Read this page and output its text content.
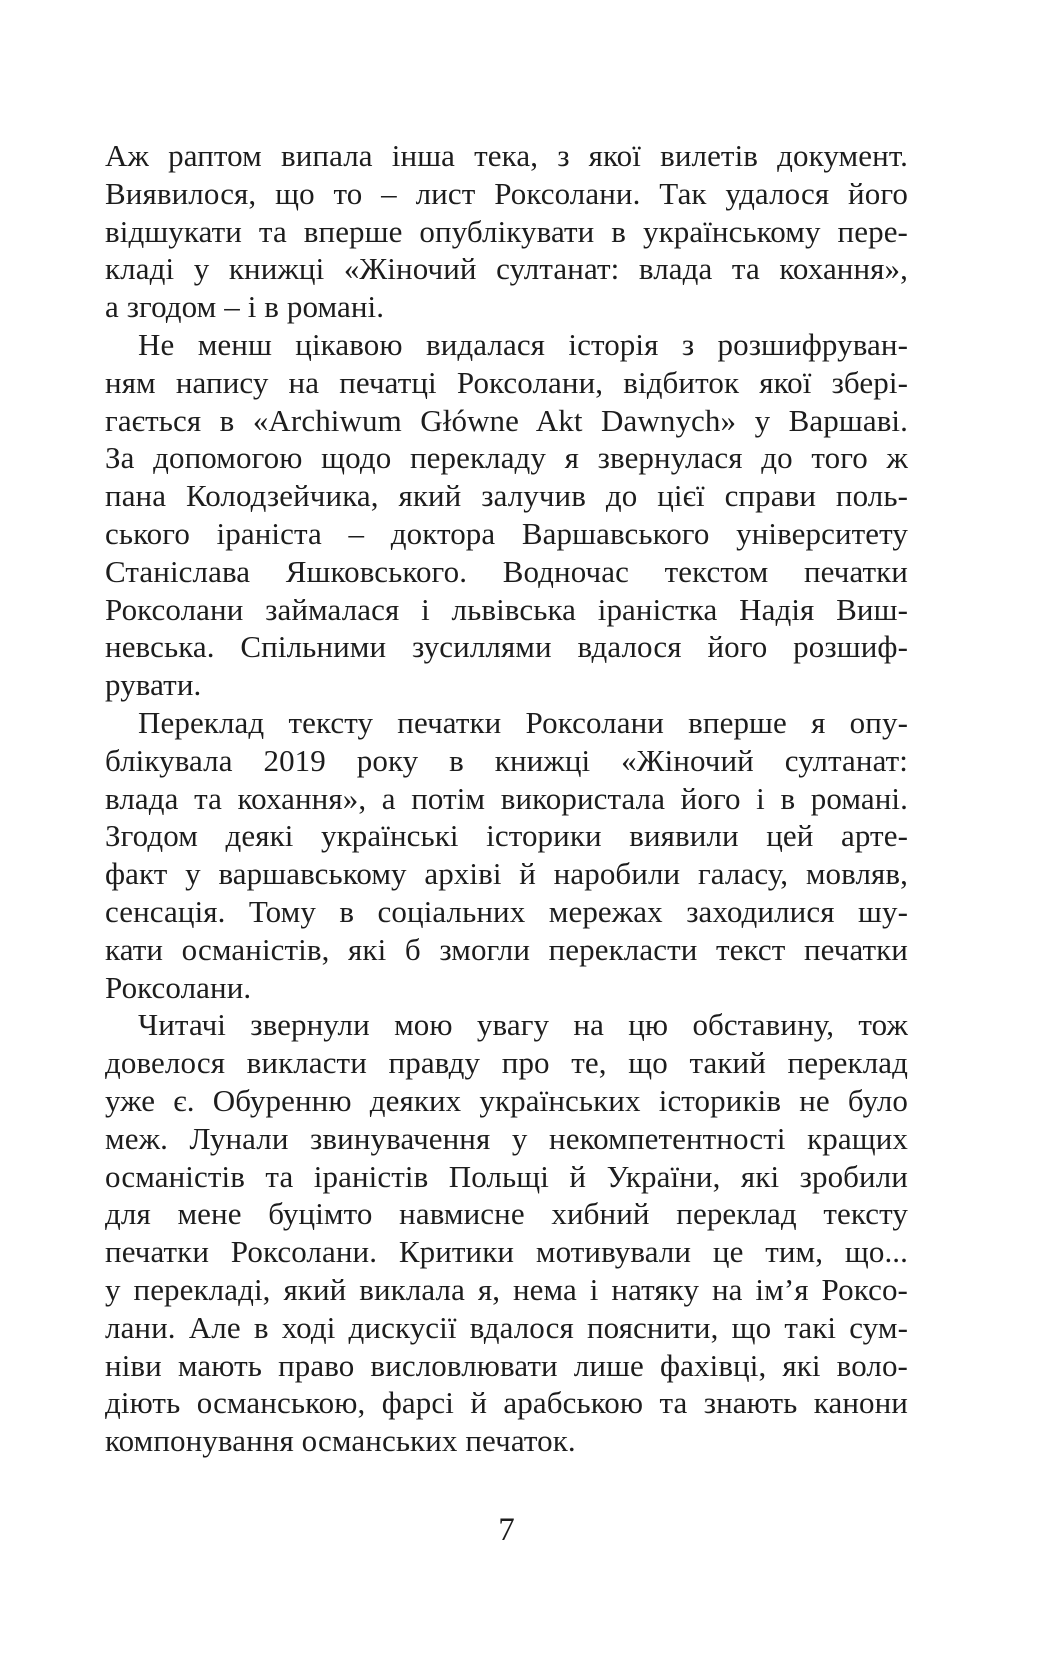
Аж раптом випала інша тека, з якої вилетів документ.
Виявилося, що то – лист Роксолани. Так удалося його
відшукати та вперше опублікувати в українському пере-
кладі у книжці «Жіночий султанат: влада та кохання»,
а згодом – і в романі.
Не менш цікавою видалася історія з розшифруван-
ням напису на печатці Роксолани, відбиток якої збері-
гається в «Archiwum Główne Akt Dawnych» у Варшаві.
За допомогою щодо перекладу я звернулася до того ж
пана Колодзейчика, який залучив до цієї справи поль-
ського іраніста – доктора Варшавського університету
Станіслава Яшковського. Водночас текстом печатки
Роксолани займалася і львівська іраністка Надія Виш-
невська. Спільними зусиллями вдалося його розшиф-
рувати.
Переклад тексту печатки Роксолани вперше я опу-
блікувала 2019 року в книжці «Жіночий султанат:
влада та кохання», а потім використала його і в романі.
Згодом деякі українські історики виявили цей арте-
факт у варшавському архіві й наробили галасу, мовляв,
сенсація. Тому в соціальних мережах заходилися шу-
кати османістів, які б змогли перекласти текст печатки
Роксолани.
Читачі звернули мою увагу на цю обставину, тож
довелося викласти правду про те, що такий переклад
уже є. Обуренню деяких українських істориків не було
меж. Лунали звинувачення у некомпетентності кращих
османістів та іраністів Польщі й України, які зробили
для мене буцімто навмисне хибний переклад тексту
печатки Роксолани. Критики мотивували це тим, що...
у перекладі, який виклала я, нема і натяку на ім’я Роксо-
лани. Але в ході дискусії вдалося пояснити, що такі сум-
ніви мають право висловлювати лише фахівці, які воло-
діють османською, фарсі й арабською та знають канони
компонування османських печаток.
7
